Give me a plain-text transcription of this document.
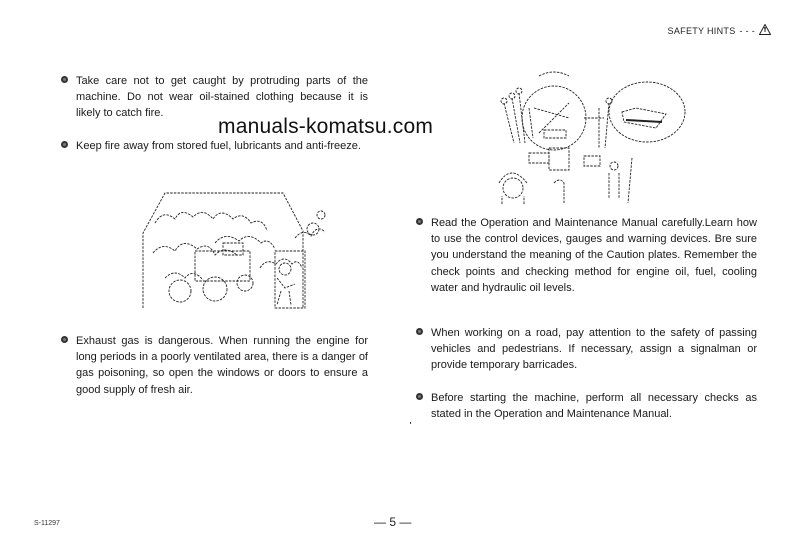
SAFETY HINTS - - -
Take care not to get caught by protruding parts of the machine. Do not wear oil-stained clothing because it is likely to catch fire.
Keep fire away from stored fuel, lubricants and anti-freeze.
manuals-komatsu.com
Exhaust gas is dangerous. When running the engine for long periods in a poorly ventilated area, there is a danger of gas poisoning, so open the windows or doors to ensure a good supply of fresh air.
Read the Operation and Maintenance Manual carefully.Learn how to use the control devices, gauges and warning devices. Bre sure you understand the meaning of the Caution plates. Remember the check points and checking method for engine oil, fuel, cooling water and hydraulic oil levels.
When working on a road, pay attention to the safety of passing vehicles and pedestrians. If necessary, assign a signalman or provide temporary barricades.
Before starting the machine, perform all necessary checks as stated in the Operation and Maintenance Manual.
S-11297	— 5 —
